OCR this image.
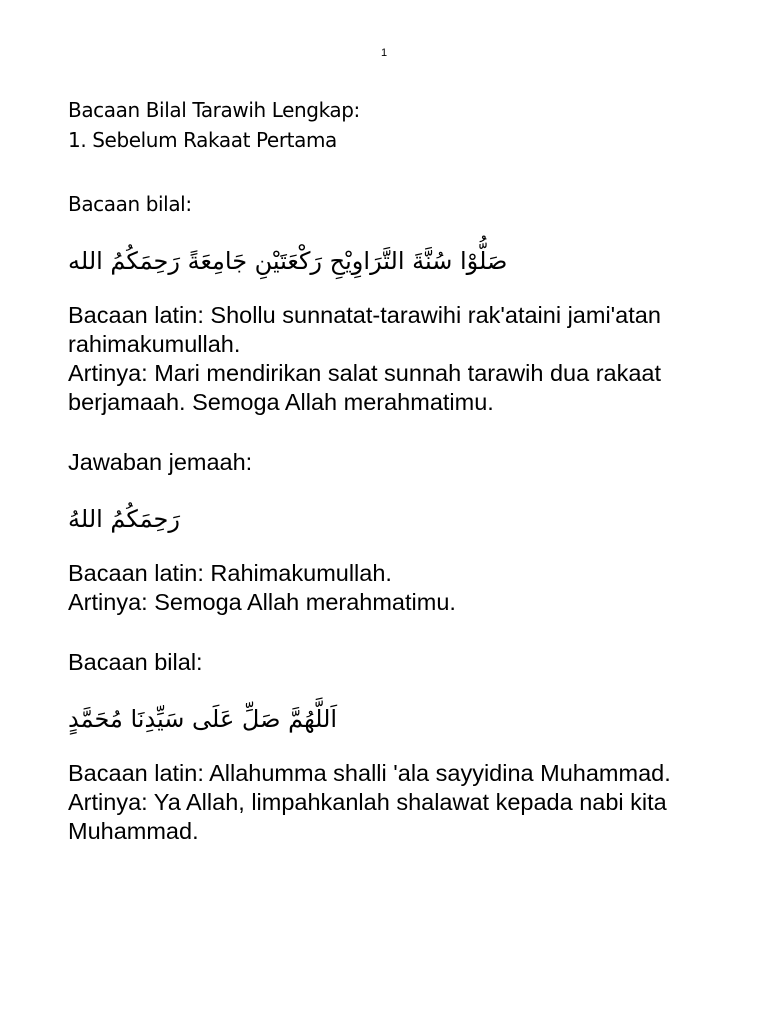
1

Bacaan Bilal Tarawih Lengkap:

1. Sebelum Rakaat Pertama

Bacaan bilal:

صَلُّوْا سُنَّةَ التَّرَاوِيْحِ رَكْعَتَيْنِ جَامِعَةً رَحِمَكُمُ الله

Bacaan latin: Shollu sunnatat-tarawihi rak'ataini jami'atan rahimakumullah.

Artinya: Mari mendirikan salat sunnah tarawih dua rakaat berjamaah. Semoga Allah merahmatimu.

Jawaban jemaah:

رَحِمَكُمُ اللهُ

Bacaan latin: Rahimakumullah.

Artinya: Semoga Allah merahmatimu.

Bacaan bilal:

اَللَّهُمَّ صَلِّ عَلَى سَيِّدِنَا مُحَمَّدٍ

Bacaan latin: Allahumma shalli 'ala sayyidina Muhammad.

Artinya: Ya Allah, limpahkanlah shalawat kepada nabi kita Muhammad.
